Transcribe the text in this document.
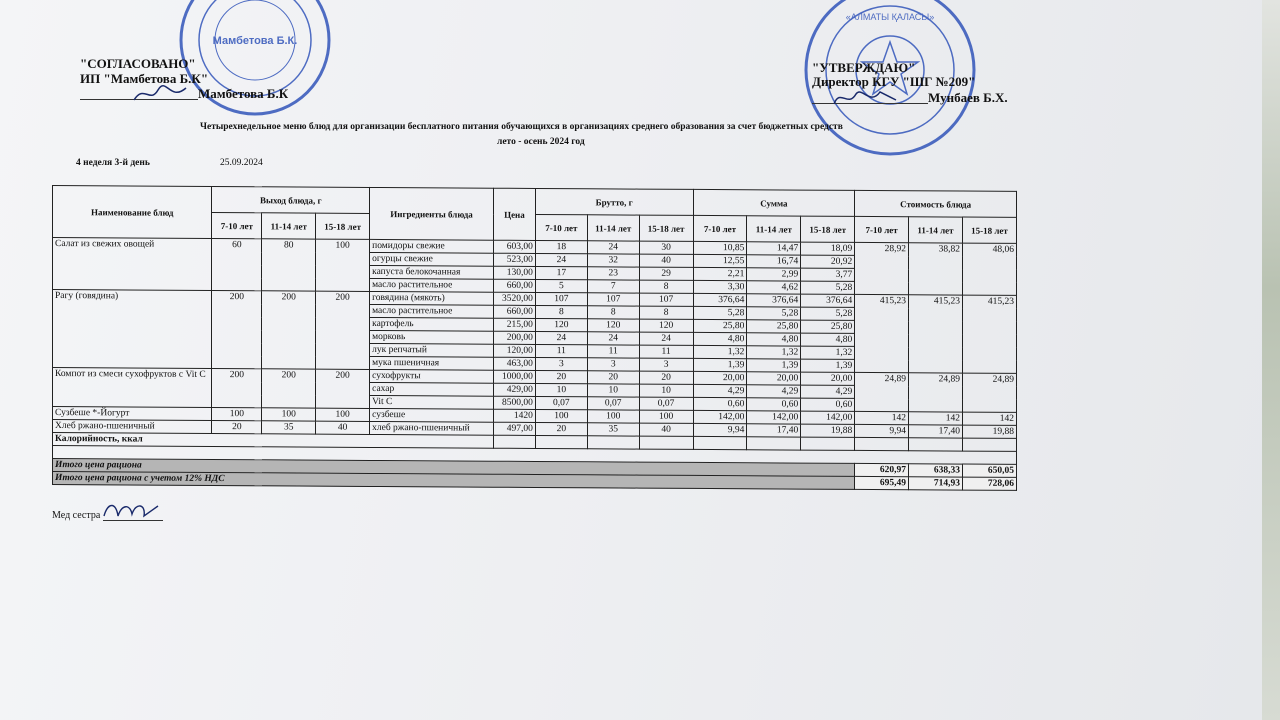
Мамбетова Б.К.
«АЛМАТЫ ҚАЛАСЫ»
"СОГЛАСОВАНО"
ИП "Мамбетова Б.К"
Мамбетова Б.К
"УТВЕРЖДАЮ"
Директор КГУ "ШГ №209"
Мунбаев Б.Х.
Четырехнедельное меню блюд для организации бесплатного питания обучающихся в организациях среднего образования за счет бюджетных средств
лето - осень 2024 год
4 неделя 3-й день	25.09.2024
Наименование блюд	Выход блюда, г			Ингредиенты блюда	Цена	Брутто, г			Сумма			Стоимость блюда		
	7-10 лет	11-14 лет	15-18 лет			7-10 лет	11-14 лет	15-18 лет	7-10 лет	11-14 лет	15-18 лет	7-10 лет	11-14 лет	15-18 лет
Салат из свежих овощей	60	80	100	помидоры свежие	603,00	18	24	30	10,85	14,47	18,09	28,92	38,82	48,06
				огурцы свежие	523,00	24	32	40	12,55	16,74	20,92			
				капуста белокочанная	130,00	17	23	29	2,21	2,99	3,77			
				масло растительное	660,00	5	7	8	3,30	4,62	5,28			
Рагу (говядина)	200	200	200	говядина (мякоть)	3520,00	107	107	107	376,64	376,64	376,64	415,23	415,23	415,23
				масло растительное	660,00	8	8	8	5,28	5,28	5,28			
				картофель	215,00	120	120	120	25,80	25,80	25,80			
				морковь	200,00	24	24	24	4,80	4,80	4,80			
				лук репчатый	120,00	11	11	11	1,32	1,32	1,32			
				мука пшеничная	463,00	3	3	3	1,39	1,39	1,39			
Компот из смеси сухофруктов с Vit C	200	200	200	сухофрукты	1000,00	20	20	20	20,00	20,00	20,00	24,89	24,89	24,89
				сахар	429,00	10	10	10	4,29	4,29	4,29			
				Vit C	8500,00	0,07	0,07	0,07	0,60	0,60	0,60			
Сузбеше *-Йогурт	100	100	100	сузбеше	1420	100	100	100	142,00	142,00	142,00	142	142	142
Хлеб ржано-пшеничный	20	35	40	хлеб ржано-пшеничный	497,00	20	35	40	9,94	17,40	19,88	9,94	17,40	19,88
Калорийность, ккал														

Итого цена рациона												620,97	638,33	650,05
Итого цена рациона с учетом 12% НДС												695,49	714,93	728,06
Мед сестра
